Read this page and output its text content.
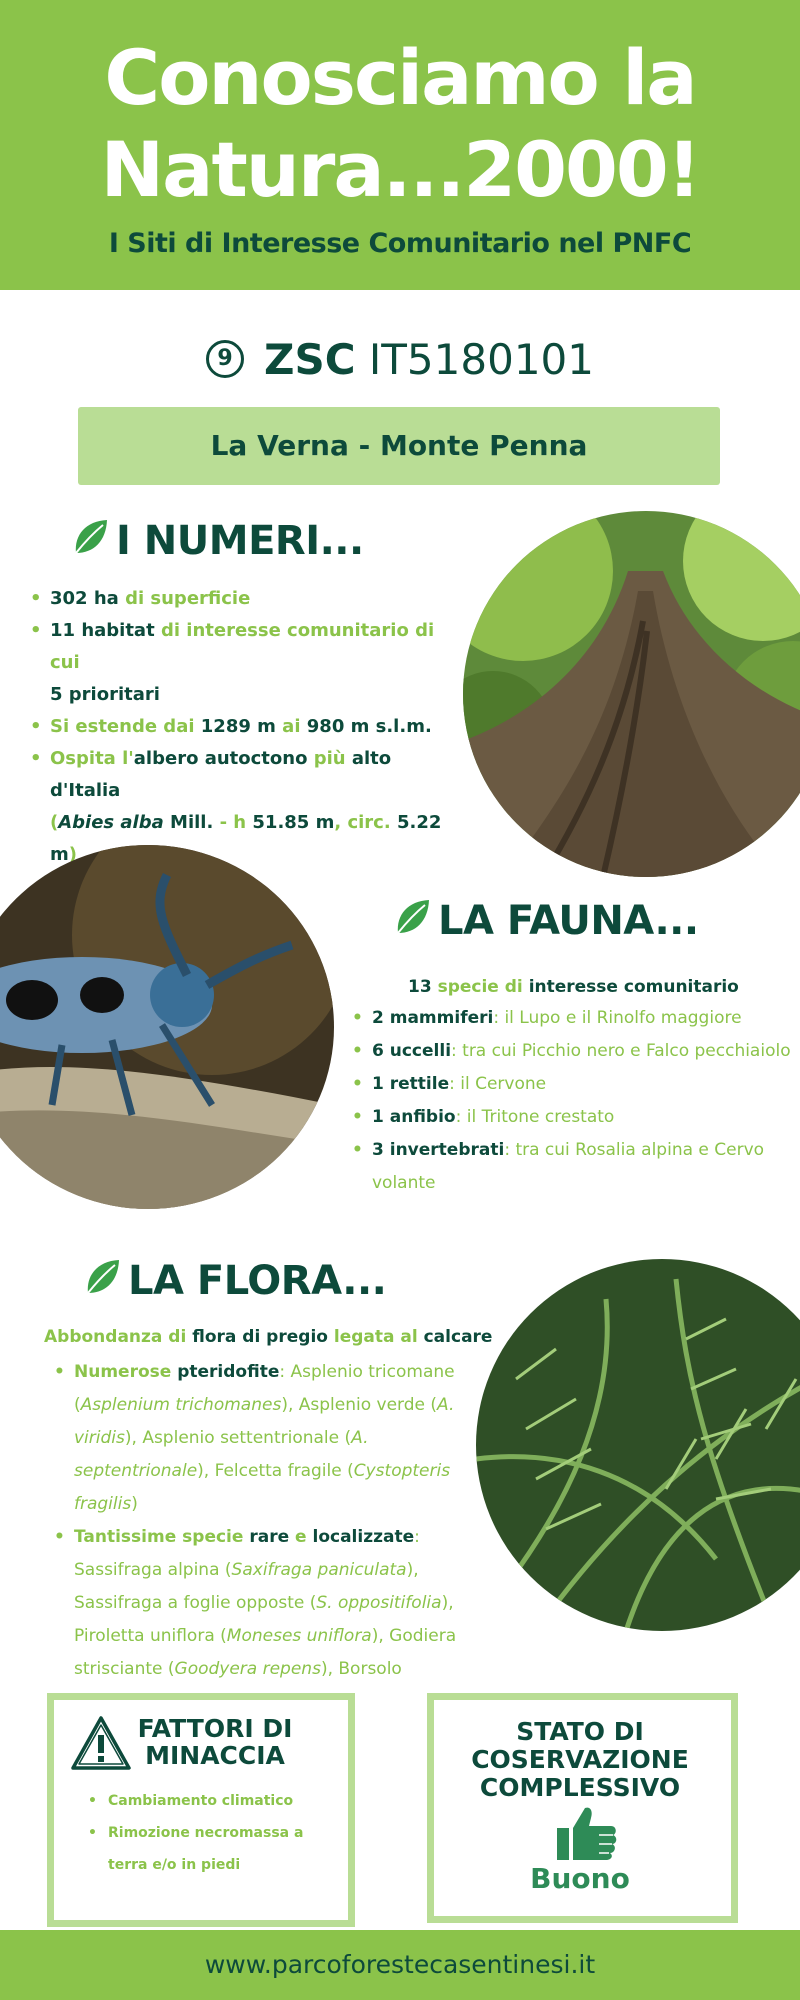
Conosciamo la
Natura...2000!
I Siti di Interesse Comunitario nel PNFC
9 ZSC IT5180101
La Verna - Monte Penna
I NUMERI...
• 302 ha di superficie
• 11 habitat di interesse comunitario di cui
5 prioritari
• Si estende dai 1289 m ai 980 m s.l.m.
• Ospita l'albero autoctono più alto d'Italia
(Abies alba Mill. - h 51.85 m, circ. 5.22 m)
LA FAUNA...
13 specie di interesse comunitario
• 2 mammiferi: il Lupo e il Rinolfo maggiore
• 6 uccelli: tra cui Picchio nero e Falco pecchiaiolo
• 1 rettile: il Cervone
• 1 anfibio: il Tritone crestato
• 3 invertebrati: tra cui Rosalia alpina e Cervo volante
LA FLORA...
Abbondanza di flora di pregio legata al calcare
• Numerose pteridofite: Asplenio tricomane (Asplenium trichomanes), Asplenio verde (A. viridis), Asplenio settentrionale (A. septentrionale), Felcetta fragile (Cystopteris fragilis)
• Tantissime specie rare e localizzate: Sassifraga alpina (Saxifraga paniculata), Sassifraga a foglie opposte (S. oppositifolia), Piroletta uniflora (Moneses uniflora), Godiera strisciante (Goodyera repens), Borsolo
FATTORI DI
MINACCIA
• Cambiamento climatico
• Rimozione necromassa a terra e/o in piedi
STATO DI
COSERVAZIONE
COMPLESSIVO
Buono
www.parcoforestecasentinesi.it
